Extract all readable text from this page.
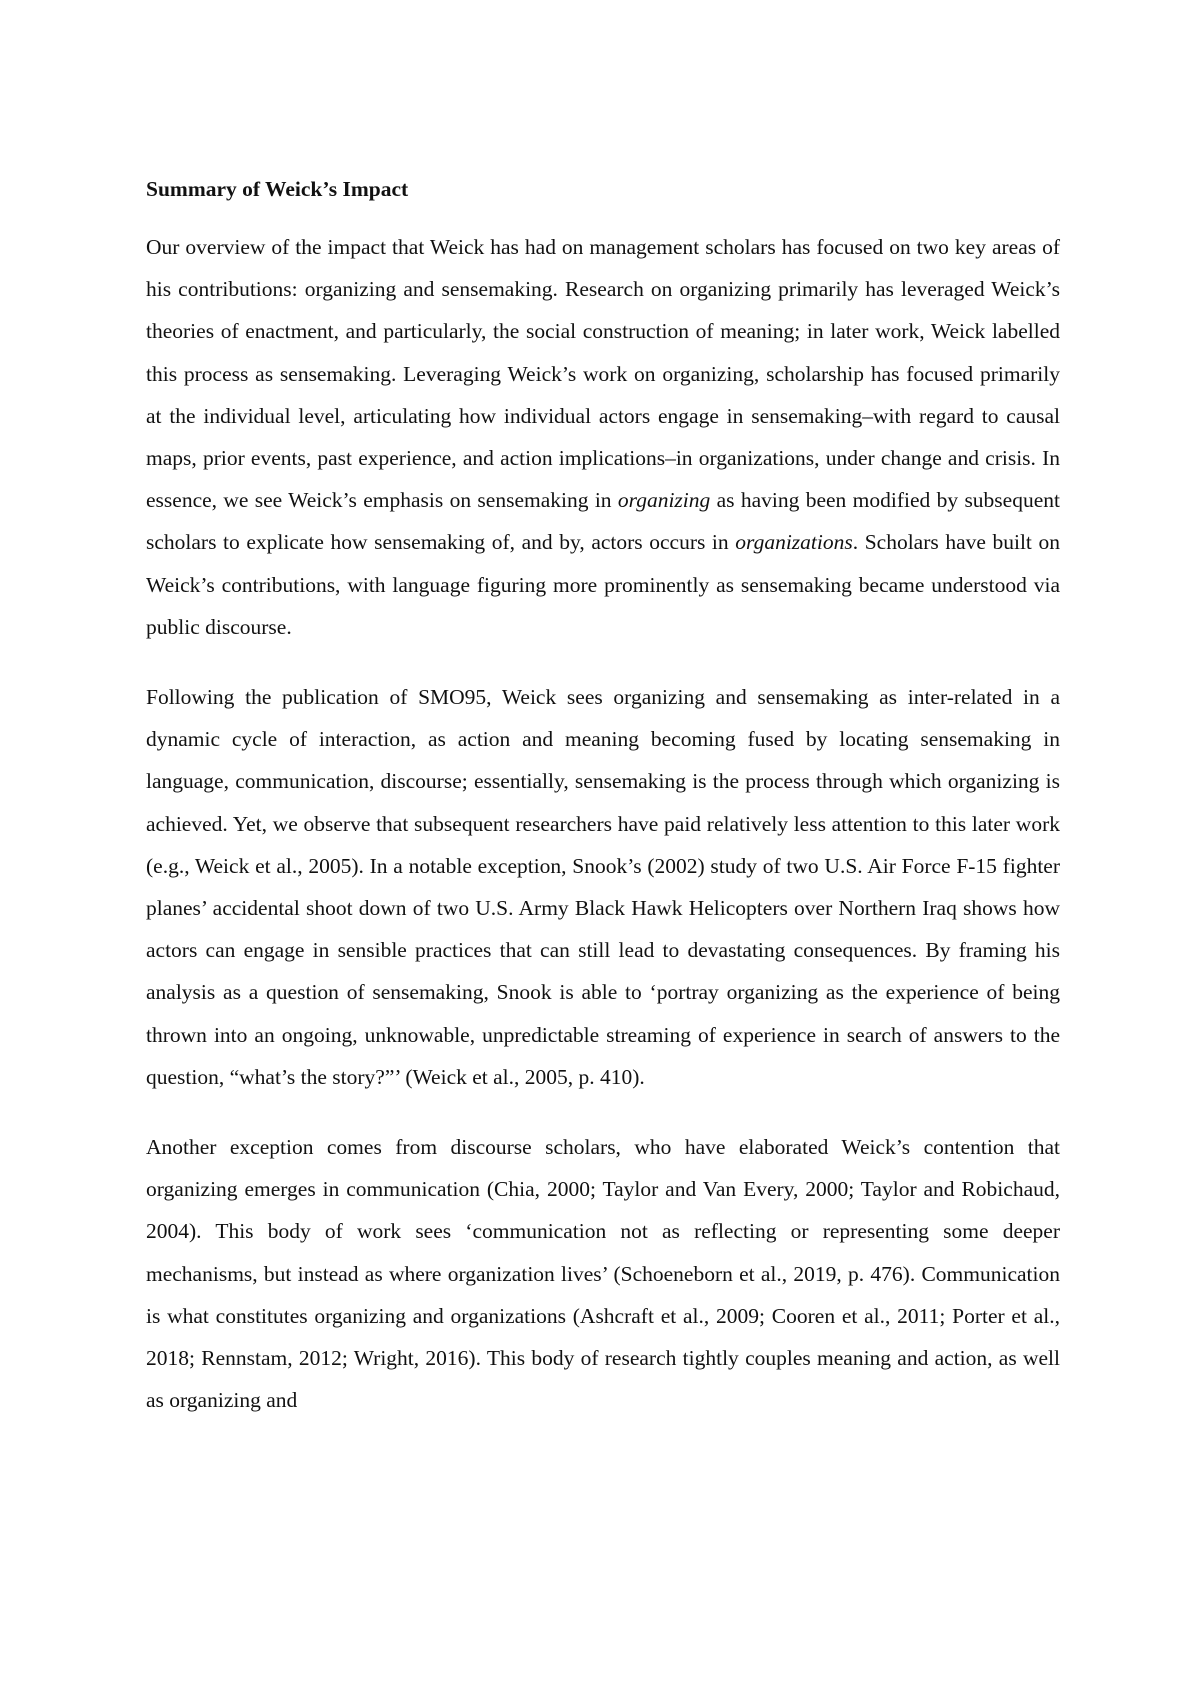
Summary of Weick’s Impact

Our overview of the impact that Weick has had on management scholars has focused on two key areas of his contributions: organizing and sensemaking. Research on organizing primarily has leveraged Weick’s theories of enactment, and particularly, the social construction of meaning; in later work, Weick labelled this process as sensemaking. Leveraging Weick’s work on organizing, scholarship has focused primarily at the individual level, articulating how individual actors engage in sensemaking–with regard to causal maps, prior events, past experience, and action implications–in organizations, under change and crisis. In essence, we see Weick’s emphasis on sensemaking in organizing as having been modified by subsequent scholars to explicate how sensemaking of, and by, actors occurs in organizations. Scholars have built on Weick’s contributions, with language figuring more prominently as sensemaking became understood via public discourse.

Following the publication of SMO95, Weick sees organizing and sensemaking as inter-related in a dynamic cycle of interaction, as action and meaning becoming fused by locating sensemaking in language, communication, discourse; essentially, sensemaking is the process through which organizing is achieved. Yet, we observe that subsequent researchers have paid relatively less attention to this later work (e.g., Weick et al., 2005). In a notable exception, Snook’s (2002) study of two U.S. Air Force F-15 fighter planes’ accidental shoot down of two U.S. Army Black Hawk Helicopters over Northern Iraq shows how actors can engage in sensible practices that can still lead to devastating consequences. By framing his analysis as a question of sensemaking, Snook is able to ‘portray organizing as the experience of being thrown into an ongoing, unknowable, unpredictable streaming of experience in search of answers to the question, “what’s the story?”’ (Weick et al., 2005, p. 410).

Another exception comes from discourse scholars, who have elaborated Weick’s contention that organizing emerges in communication (Chia, 2000; Taylor and Van Every, 2000; Taylor and Robichaud, 2004). This body of work sees ‘communication not as reflecting or representing some deeper mechanisms, but instead as where organization lives’ (Schoeneborn et al., 2019, p. 476). Communication is what constitutes organizing and organizations (Ashcraft et al., 2009; Cooren et al., 2011; Porter et al., 2018; Rennstam, 2012; Wright, 2016). This body of research tightly couples meaning and action, as well as organizing and
